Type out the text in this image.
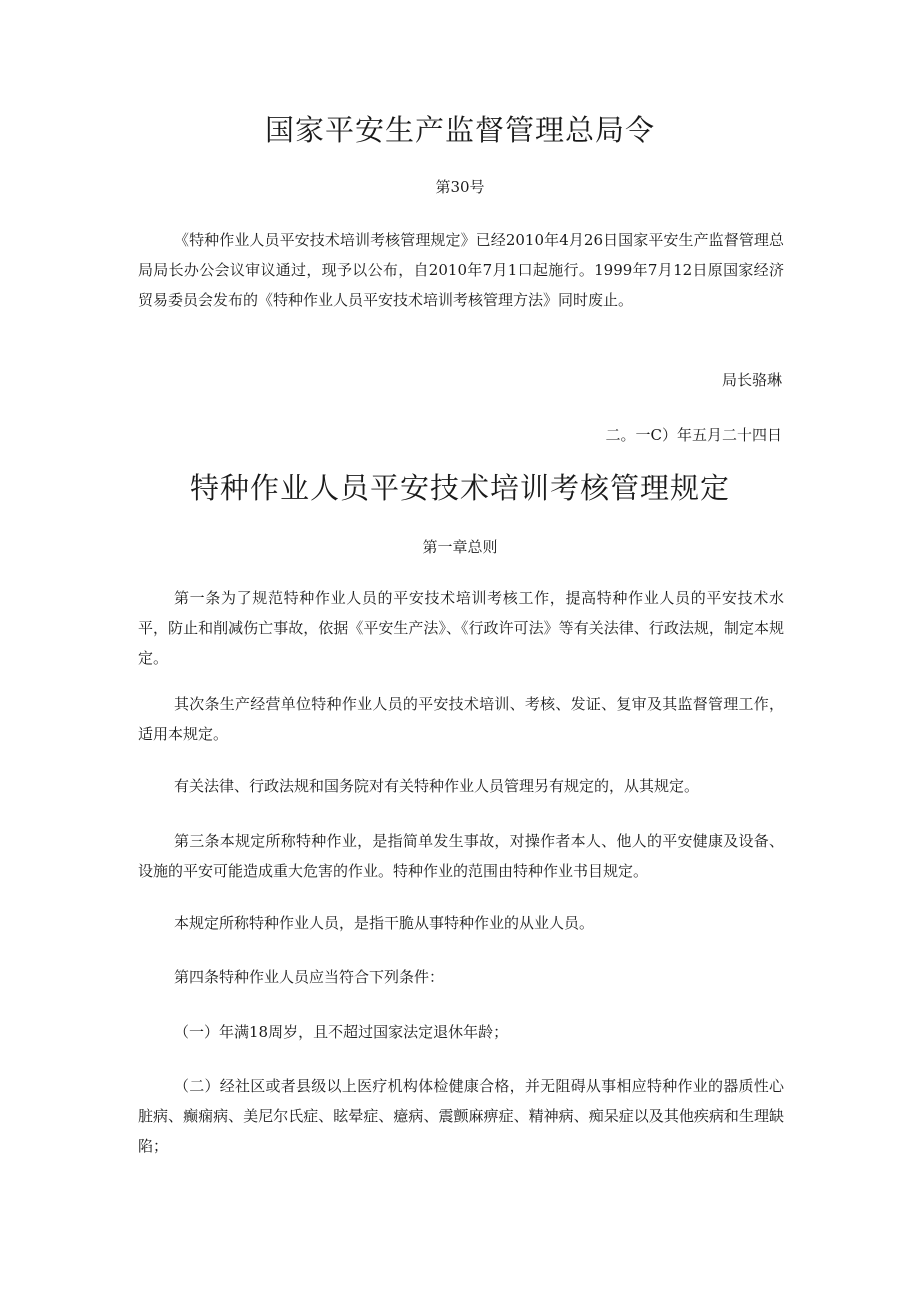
国家平安生产监督管理总局令
第30号

《特种作业人员平安技术培训考核管理规定》已经2010年4月26日国家平安生产监督管理总局局长办公会议审议通过，现予以公布，自2010年7月1口起施行。1999年7月12日原国家经济贸易委员会发布的《特种作业人员平安技术培训考核管理方法》同时废止。

局长骆琳
二。一C）年五月二十四日
特种作业人员平安技术培训考核管理规定
第一章总则

第一条为了规范特种作业人员的平安技术培训考核工作，提高特种作业人员的平安技术水平，防止和削减伤亡事故，依据《平安生产法》、《行政许可法》等有关法律、行政法规，制定本规定。

其次条生产经营单位特种作业人员的平安技术培训、考核、发证、复审及其监督管理工作，适用本规定。

有关法律、行政法规和国务院对有关特种作业人员管理另有规定的，从其规定。

第三条本规定所称特种作业，是指简单发生事故，对操作者本人、他人的平安健康及设备、设施的平安可能造成重大危害的作业。特种作业的范围由特种作业书目规定。

本规定所称特种作业人员，是指干脆从事特种作业的从业人员。

第四条特种作业人员应当符合下列条件：

（一）年满18周岁，且不超过国家法定退休年龄；

（二）经社区或者县级以上医疗机构体检健康合格，并无阻碍从事相应特种作业的器质性心脏病、癫痫病、美尼尔氏症、眩晕症、癔病、震颤麻痹症、精神病、痴呆症以及其他疾病和生理缺陷；
